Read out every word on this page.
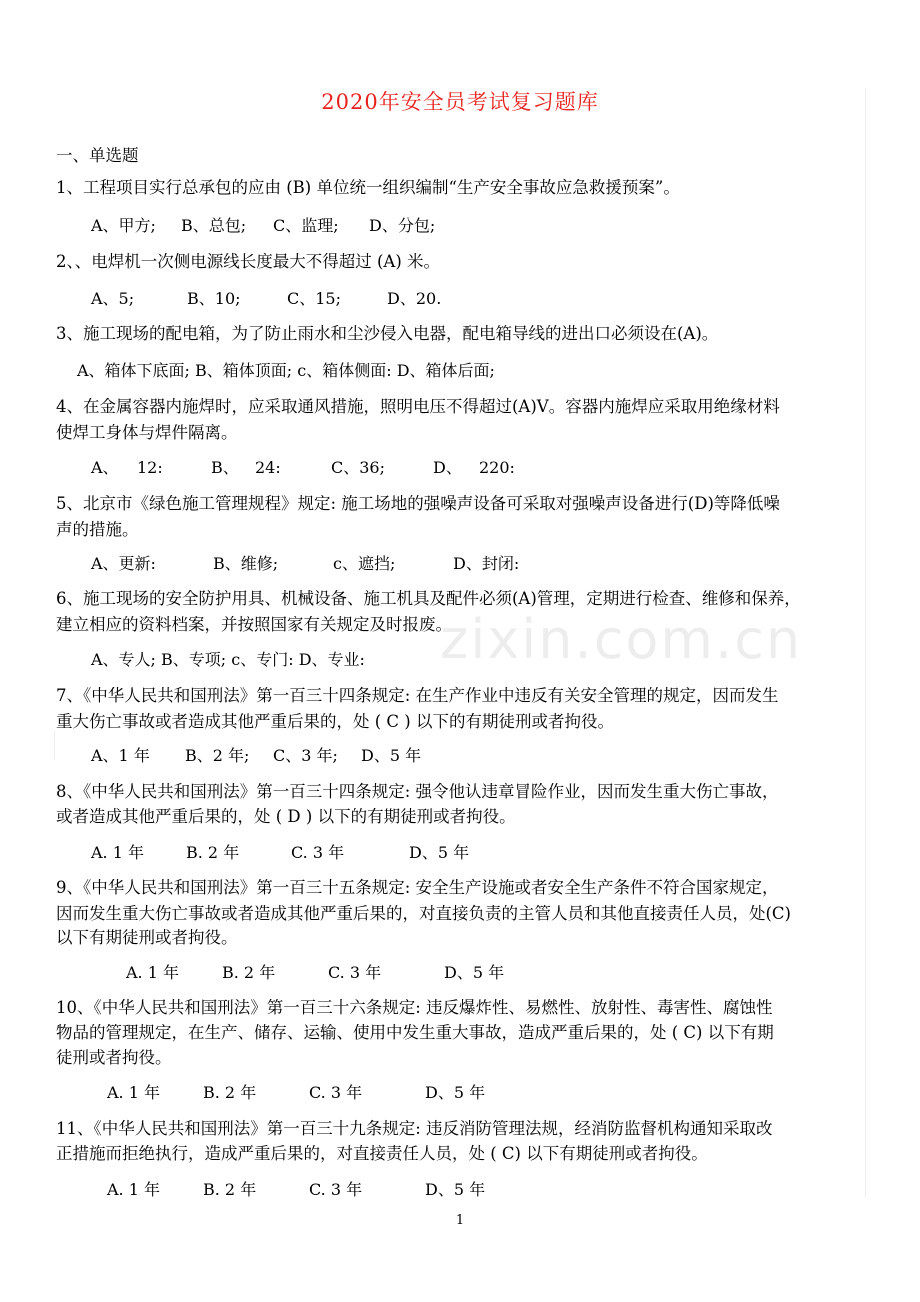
2020年安全员考试复习题库
一、单选题
1、工程项目实行总承包的应由 (B) 单位统一组织编制“生产安全事故应急救援预案”。
A、甲方; B、总包; C、监理; D、分包;
2、、电焊机一次侧电源线长度最大不得超过 (A) 米。
A、5;	B、10;	C、15;	D、20.
3、施工现场的配电箱，为了防止雨水和尘沙侵入电器，配电箱导线的进出口必须设在(A)。
A、箱体下底面; B、箱体顶面; c、箱体侧面: D、箱体后面;
4、在金属容器内施焊时，应采取通风措施，照明电压不得超过(A)V。容器内施焊应采取用绝缘材料
使焊工身体与焊件隔离。
A、 12:	B、 24:	C、36;	D、 220:
5、北京市《绿色施工管理规程》规定: 施工场地的强噪声设备可采取对强噪声设备进行(D)等降低噪
声的措施。
A、更新:	B、维修;	c、遮挡;	D、封闭:
6、施工现场的安全防护用具、机械设备、施工机具及配件必须(A)管理，定期进行检查、维修和保养，
建立相应的资料档案，并按照国家有关规定及时报废。
A、专人; B、专项; c、专门: D、专业:
7、《中华人民共和国刑法》第一百三十四条规定: 在生产作业中违反有关安全管理的规定，因而发生
重大伤亡事故或者造成其他严重后果的，处 ( C ) 以下的有期徒刑或者拘役。
A、1 年 B、2 年; C、3 年; D、5 年
8、《中华人民共和国刑法》第一百三十四条规定: 强令他认违章冒险作业，因而发生重大伤亡事故，
或者造成其他严重后果的，处 ( D ) 以下的有期徒刑或者拘役。
A. 1 年	B. 2 年	C. 3 年	D、5 年
9、《中华人民共和国刑法》第一百三十五条规定: 安全生产设施或者安全生产条件不符合国家规定，
因而发生重大伤亡事故或者造成其他严重后果的，对直接负责的主管人员和其他直接责任人员，处(C)
以下有期徒刑或者拘役。
A. 1 年	B. 2 年	C. 3 年	D、5 年
10、《中华人民共和国刑法》第一百三十六条规定: 违反爆炸性、易燃性、放射性、毒害性、腐蚀性
物品的管理规定，在生产、储存、运输、使用中发生重大事故，造成严重后果的，处 ( C) 以下有期
徒刑或者拘役。
A. 1 年	B. 2 年	C. 3 年	D、5 年
11、《中华人民共和国刑法》第一百三十九条规定: 违反消防管理法规，经消防监督机构通知采取改
正措施而拒绝执行，造成严重后果的，对直接责任人员，处 ( C) 以下有期徒刑或者拘役。
A. 1 年	B. 2 年	C. 3 年	D、5 年
zixin.com.cn
1
